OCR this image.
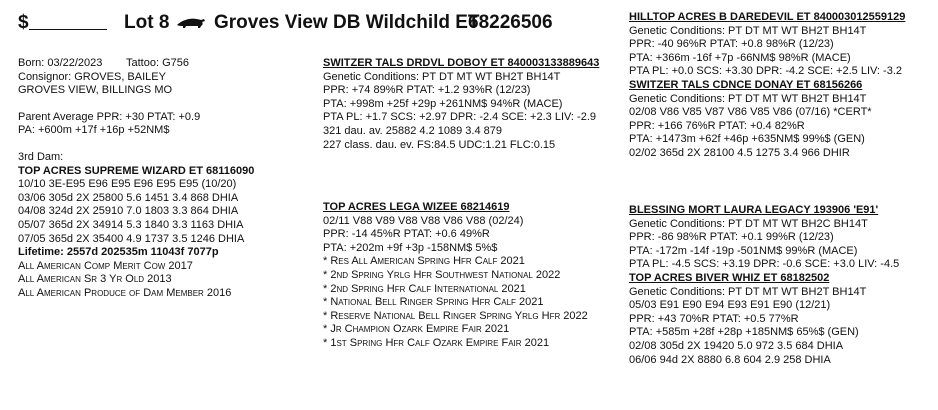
$	Lot 8 Groves View DB Wildchild ET
68226506
Born: 03/22/2023 Tattoo: G756
Consignor: GROVES, BAILEY
GROVES VIEW, BILLINGS MO
Parent Average PPR: +30 PTAT: +0.9
PA: +600m +17f +16p +52NM$
3rd Dam:
TOP ACRES SUPREME WIZARD ET 68116090
10/10 3E-E95 E96 E95 E96 E95 E95 (10/20)
03/06 305d 2X 25800 5.6 1451 3.4 868 DHIA
04/08 324d 2X 25910 7.0 1803 3.3 864 DHIA
05/07 365d 2X 34914 5.3 1840 3.3 1163 DHIA
07/05 365d 2X 35400 4.9 1737 3.5 1246 DHIA
Lifetime: 2557d 202535m 11043f 7077p
All American Comp Merit Cow 2017
All American Sr 3 Yr Old 2013
All American Produce of Dam Member 2016
SWITZER TALS DRDVL DOBOY ET 840003133889643
Genetic Conditions: PT DT MT WT BH2T BH14T
PPR: +74 89%R PTAT: +1.2 93%R (12/23)
PTA: +998m +25f +29p +261NM$ 94%R (MACE)
PTA PL: +1.7 SCS: +2.97 DPR: -2.4 SCE: +2.3 LIV: -2.9
321 dau. av. 25882 4.2 1089 3.4 879
227 class. dau. ev. FS:84.5 UDC:1.21 FLC:0.15
TOP ACRES LEGA WIZEE 68214619
02/11 V88 V89 V88 V88 V86 V88 (02/24)
PPR: -14 45%R PTAT: +0.6 49%R
PTA: +202m +9f +3p -158NM$ 5%$
* Res All American Spring Hfr Calf 2021
* 2nd Spring Yrlg Hfr Southwest National 2022
* 2nd Spring Hfr Calf International 2021
* National Bell Ringer Spring Hfr Calf 2021
* Reserve National Bell Ringer Spring Yrlg Hfr 2022
* Jr Champion Ozark Empire Fair 2021
* 1st Spring Hfr Calf Ozark Empire Fair 2021
HILLTOP ACRES B DAREDEVIL ET 840003012559129
Genetic Conditions: PT DT MT WT BH2T BH14T
PPR: -40 96%R PTAT: +0.8 98%R (12/23)
PTA: +366m -16f +7p -66NM$ 98%R (MACE)
PTA PL: +0.0 SCS: +3.30 DPR: -4.2 SCE: +2.5 LIV: -3.2
SWITZER TALS CDNCE DONAY ET 68156266
Genetic Conditions: PT DT MT WT BH2T BH14T
02/08 V86 V85 V87 V86 V85 V86 (07/16) *CERT*
PPR: +166 76%R PTAT: +0.4 82%R
PTA: +1473m +62f +46p +635NM$ 99%$ (GEN)
02/02 365d 2X 28100 4.5 1275 3.4 966 DHIR
BLESSING MORT LAURA LEGACY 193906 'E91'
Genetic Conditions: PT DT MT WT BH2C BH14T
PPR: -86 98%R PTAT: +0.1 99%R (12/23)
PTA: -172m -14f -19p -501NM$ 99%R (MACE)
PTA PL: -4.5 SCS: +3.19 DPR: -0.6 SCE: +3.0 LIV: -4.5
TOP ACRES BIVER WHIZ ET 68182502
Genetic Conditions: PT DT MT WT BH2T BH14T
05/03 E91 E90 E94 E93 E91 E90 (12/21)
PPR: +43 70%R PTAT: +0.5 77%R
PTA: +585m +28f +28p +185NM$ 65%$ (GEN)
02/08 305d 2X 19420 5.0 972 3.5 684 DHIA
06/06 94d 2X 8880 6.8 604 2.9 258 DHIA
